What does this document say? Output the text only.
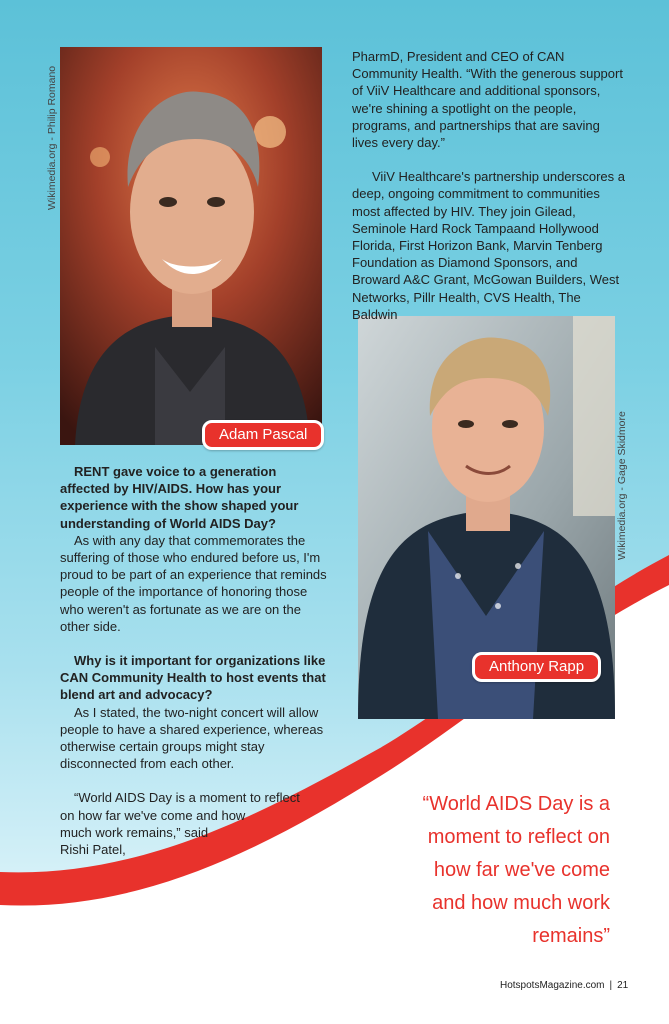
Adam Pascal
Wikimedia.org - Philip Romano
Anthony Rapp
Wikimedia.org - Gage Skidmore

PharmD, President and CEO of CAN Community Health. “With the generous support of ViiV Healthcare and additional sponsors, we're shining a spotlight on the people, programs, and partnerships that are saving lives every day.”

ViiV Healthcare's partnership underscores a deep, ongoing commitment to communities most affected by HIV. They join Gilead, Seminole Hard Rock Tampaand Hollywood Florida, First Horizon Bank, Marvin Tenberg Foundation as Diamond Sponsors, and Broward A&C Grant, McGowan Builders, West Networks, Pillr Health, CVS Health, The Baldwin

RENT gave voice to a generation affected by HIV/AIDS. How has your experience with the show shaped your understanding of World AIDS Day?

As with any day that commemorates the suffering of those who endured before us, I'm proud to be part of an experience that reminds people of the importance of honoring those who weren't as fortunate as we are on the other side.

Why is it important for organizations like CAN Community Health to host events that blend art and advocacy?

As I stated, the two-night concert will allow people to have a shared experience, whereas otherwise certain groups might stay disconnected from each other.

“World AIDS Day is a moment to reflect

on how far we've come and how

much work remains,” said

Rishi Patel,

“World AIDS Day is a
moment to reflect on
how far we've come
and how much work
remains”
HotspotsMagazine.com | 21
